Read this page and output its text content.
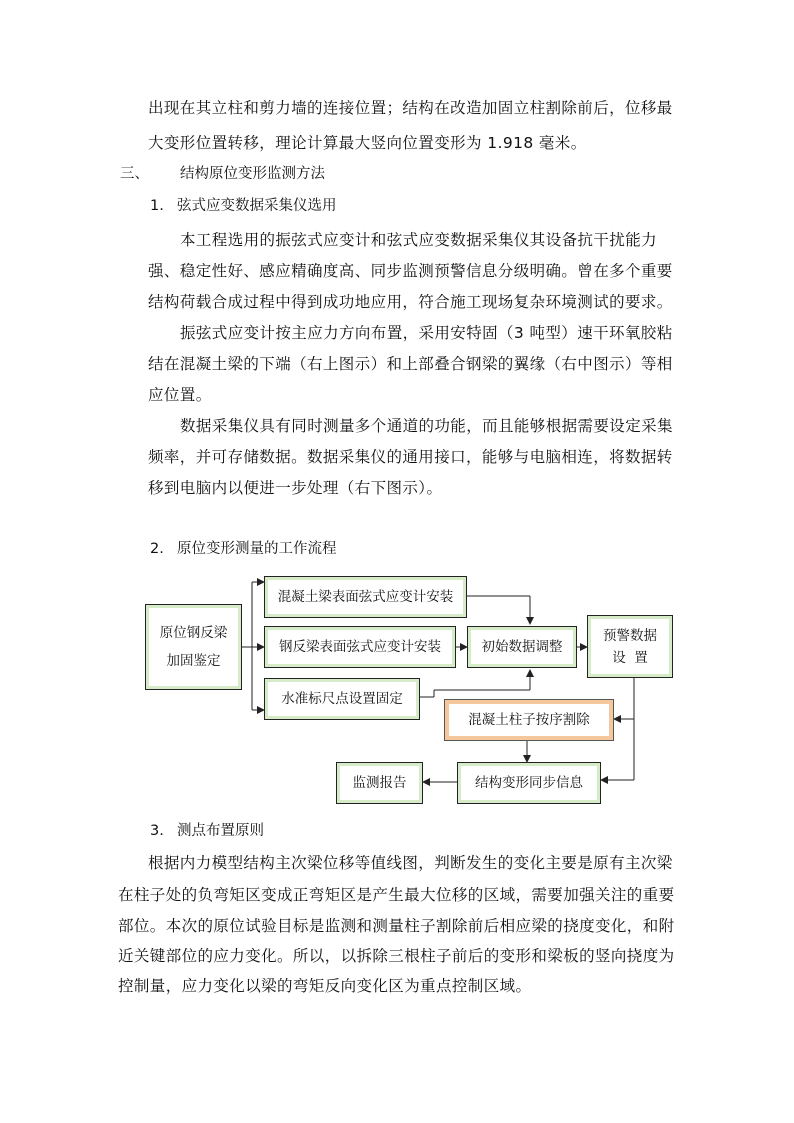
出现在其立柱和剪力墙的连接位置；结构在改造加固立柱割除前后，位移最
大变形位置转移，理论计算最大竖向位置变形为 1.918 毫米。
三、 结构原位变形监测方法
1. 弦式应变数据采集仪选用
本工程选用的振弦式应变计和弦式应变数据采集仪其设备抗干扰能力
强、稳定性好、感应精确度高、同步监测预警信息分级明确。曾在多个重要
结构荷载合成过程中得到成功地应用，符合施工现场复杂环境测试的要求。
振弦式应变计按主应力方向布置，采用安特固（3 吨型）速干环氧胶粘
结在混凝土梁的下端（右上图示）和上部叠合钢梁的翼缘（右中图示）等相
应位置。
数据采集仪具有同时测量多个通道的功能，而且能够根据需要设定采集
频率，并可存储数据。数据采集仪的通用接口，能够与电脑相连，将数据转
移到电脑内以便进一步处理（右下图示）。
2. 原位变形测量的工作流程
原位钢反梁
加固鉴定
混凝土梁表面弦式应变计安装
钢反梁表面弦式应变计安装
水准标尺点设置固定
初始数据调整
预警数据
设  置
混凝土柱子按序割除
结构变形同步信息
监测报告
3. 测点布置原则
根据内力模型结构主次梁位移等值线图，判断发生的变化主要是原有主次梁
在柱子处的负弯矩区变成正弯矩区是产生最大位移的区域，需要加强关注的重要
部位。本次的原位试验目标是监测和测量柱子割除前后相应梁的挠度变化，和附
近关键部位的应力变化。所以，以拆除三根柱子前后的变形和梁板的竖向挠度为
控制量，应力变化以梁的弯矩反向变化区为重点控制区域。
